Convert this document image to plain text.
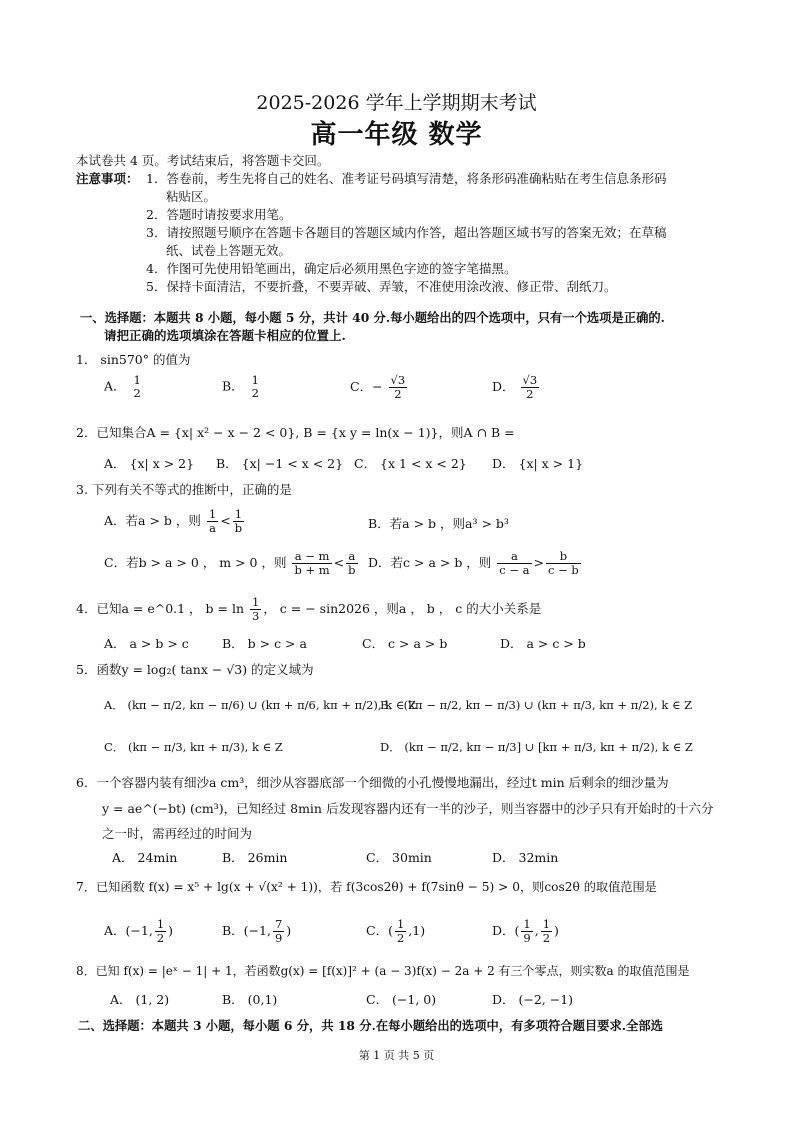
2025-2026 学年上学期期末考试
高一年级 数学
本试卷共 4 页。考试结束后，将答题卡交回。
注意事项： 1．答卷前，考生先将自己的姓名、准考证号码填写清楚，将条形码准确粘贴在考生信息条形码
粘贴区。
2．答题时请按要求用笔。
3．请按照题号顺序在答题卡各题目的答题区域内作答，超出答题区域书写的答案无效；在草稿
纸、试卷上答题无效。
4．作图可先使用铅笔画出，确定后必须用黑色字迹的签字笔描黑。
5．保持卡面清洁，不要折叠，不要弄破、弄皱，不准使用涂改液、修正带、刮纸刀。
一、选择题：本题共 8 小题，每小题 5 分，共计 40 分.每小题给出的四个选项中，只有一个选项是正确的.
请把正确的选项填涂在答题卡相应的位置上.
1． sin570° 的值为
A． 1
2	B． 1
2	C．− $\frac{√3}{2}$	D． $\frac{√3}{2}$
2．已知集合A = {x| x² − x − 2 < 0}, B = {x y = ln(x − 1)}，则A ∩ B =
A． {x| x > 2} B． {x| −1 < x < 2} C． {x 1 < x < 2} D． {x| x > 1}
3. 下列有关不等式的推断中，正确的是
A．若a > b ，则 $\frac{1}{a} < \frac{1}{b}$	B．若a > b ，则a³ > b³
C．若b > a > 0 ， m > 0 ，则 $\frac{a - m}{b + m} < \frac{a}{b}$ D．若c > a > b ，则 $\frac{a}{c - a} > \frac{b}{c - b}$
4．已知a = e^0.1 ， $b = \ln \frac{1}{3}$ ， c = − sin2026 ，则a ， b ， c 的大小关系是
A． a > b > c	B． b > c > a	C． c > a > b	D． a > c > b
5．函数y = log₂( tanx − √3) 的定义域为
A． (kπ − π/2, kπ − π/6) ∪ (kπ + π/6, kπ + π/2), k ∈ Z
B． (kπ − π/2, kπ − π/3) ∪ (kπ + π/3, kπ + π/2), k ∈ Z
C． (kπ − π/3, kπ + π/3), k ∈ Z	D． (kπ − π/2, kπ − π/3] ∪ [kπ + π/3, kπ + π/2), k ∈ Z
6．一个容器内装有细沙a cm³，细沙从容器底部一个细微的小孔慢慢地漏出，经过t min 后剩余的细沙量为
y = ae^(−bt) (cm³)，已知经过 8min 后发现容器内还有一半的沙子，则当容器中的沙子只有开始时的十六分
之一时，需再经过的时间为
A． 24min	B． 26min	C． 30min	D． 32min
7．已知函数 f(x) = x⁵ + lg(x + √(x² + 1))，若 f(3cos2θ) + f(7sinθ − 5) > 0，则cos2θ 的取值范围是
A．(−1, $\frac{1}{2}$ )	B．(−1, $\frac{7}{9}$ )	C．( $\frac{1}{2} ,1$)	D．( $\frac{1}{9}$ , $\frac{1}{2}$ )
8．已知 f(x) = |eˣ − 1| + 1，若函数g(x) = [f(x)]² + (a − 3)f(x) − 2a + 2 有三个零点，则实数a 的取值范围是
A． (1, 2)	B． (0,1)	C． (−1, 0)	D． (−2, −1)
二、选择题：本题共 3 小题，每小题 6 分，共 18 分.在每小题给出的选项中，有多项符合题目要求.全部选
第 1 页 共 5 页
